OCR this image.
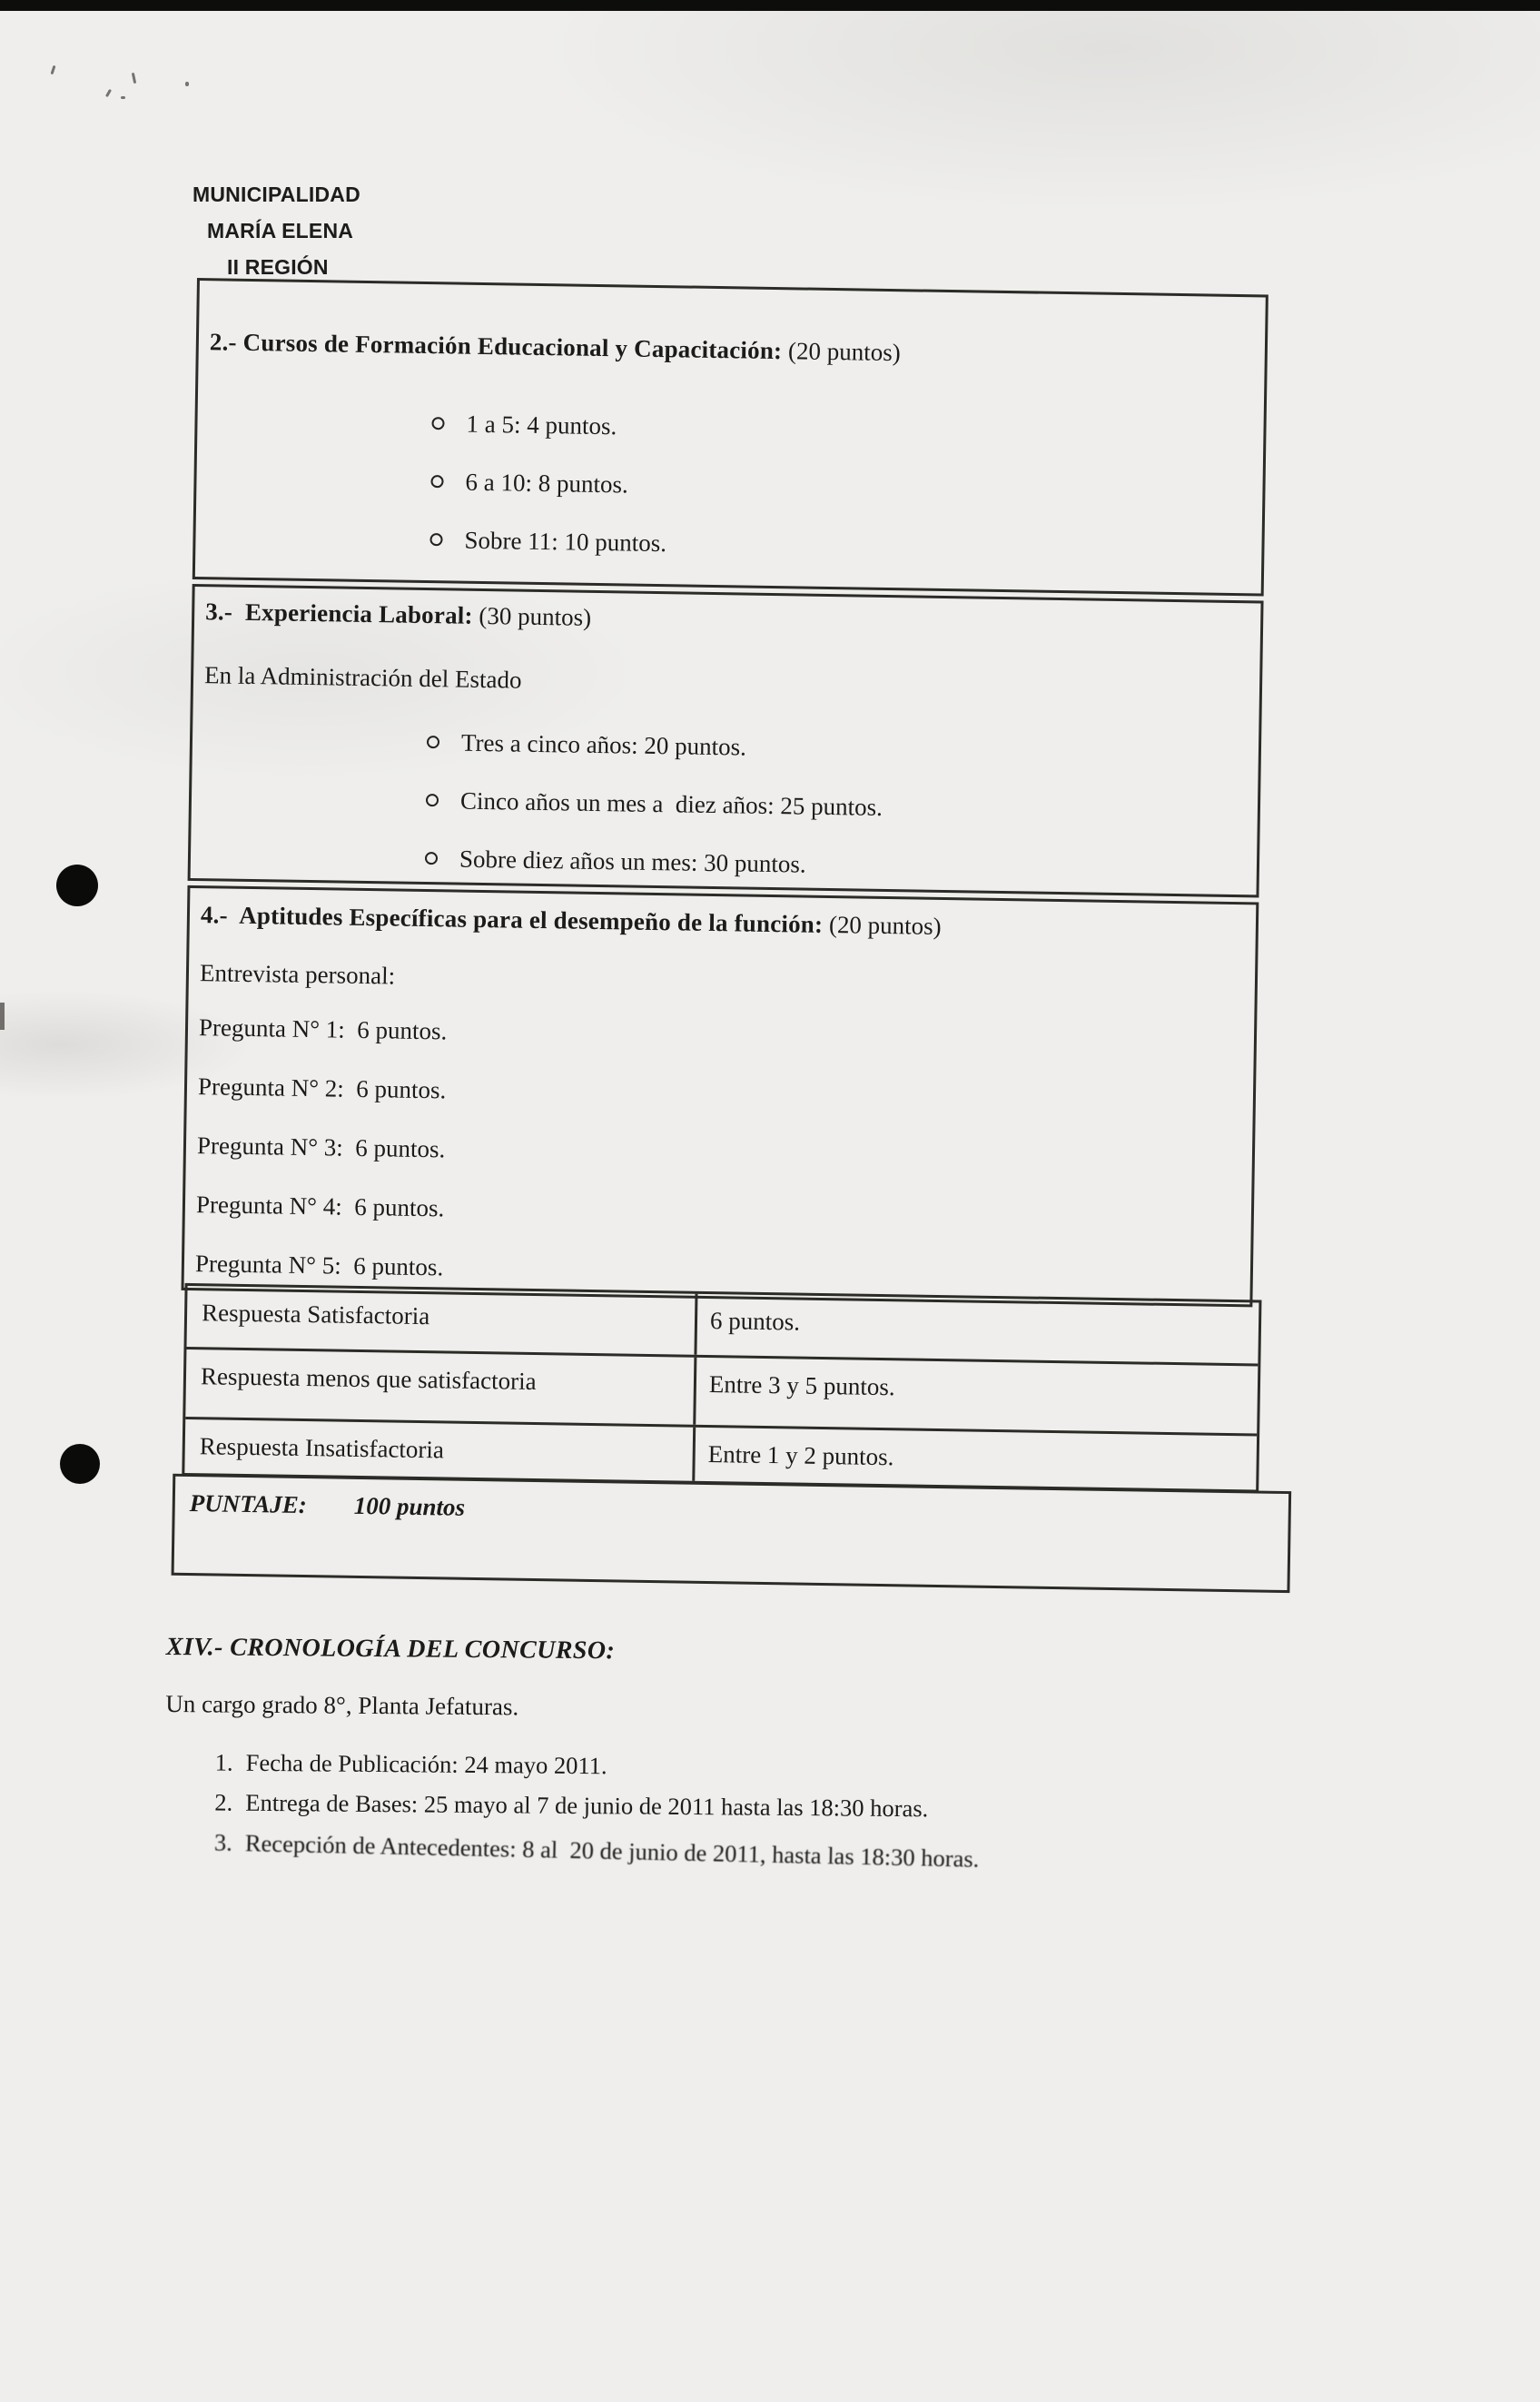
MUNICIPALIDAD
MARÍA ELENA
II REGIÓN

2.- Cursos de Formación Educacional y Capacitación: (20 puntos)

1 a 5: 4 puntos.
6 a 10: 8 puntos.
Sobre 11: 10 puntos.

3.-  Experiencia Laboral: (30 puntos)

En la Administración del Estado

Tres a cinco años: 20 puntos.
Cinco años un mes a  diez años: 25 puntos.
Sobre diez años un mes: 30 puntos.

4.-  Aptitudes Específicas para el desempeño de la función: (20 puntos)

Entrevista personal:

Pregunta N° 1:  6 puntos.

Pregunta N° 2:  6 puntos.

Pregunta N° 3:  6 puntos.

Pregunta N° 4:  6 puntos.

Pregunta N° 5:  6 puntos.

Respuesta Satisfactoria	6 puntos.
Respuesta menos que satisfactoria	Entre 3 y 5 puntos.
Respuesta Insatisfactoria	Entre 1 y 2 puntos.
PUNTAJE: 100 puntos
XIV.- CRONOLOGÍA DEL CONCURSO:

Un cargo grado 8°, Planta Jefaturas.

1. Fecha de Publicación: 24 mayo 2011.
2. Entrega de Bases: 25 mayo al 7 de junio de 2011 hasta las 18:30 horas.
3. Recepción de Antecedentes: 8 al  20 de junio de 2011, hasta las 18:30 horas.
